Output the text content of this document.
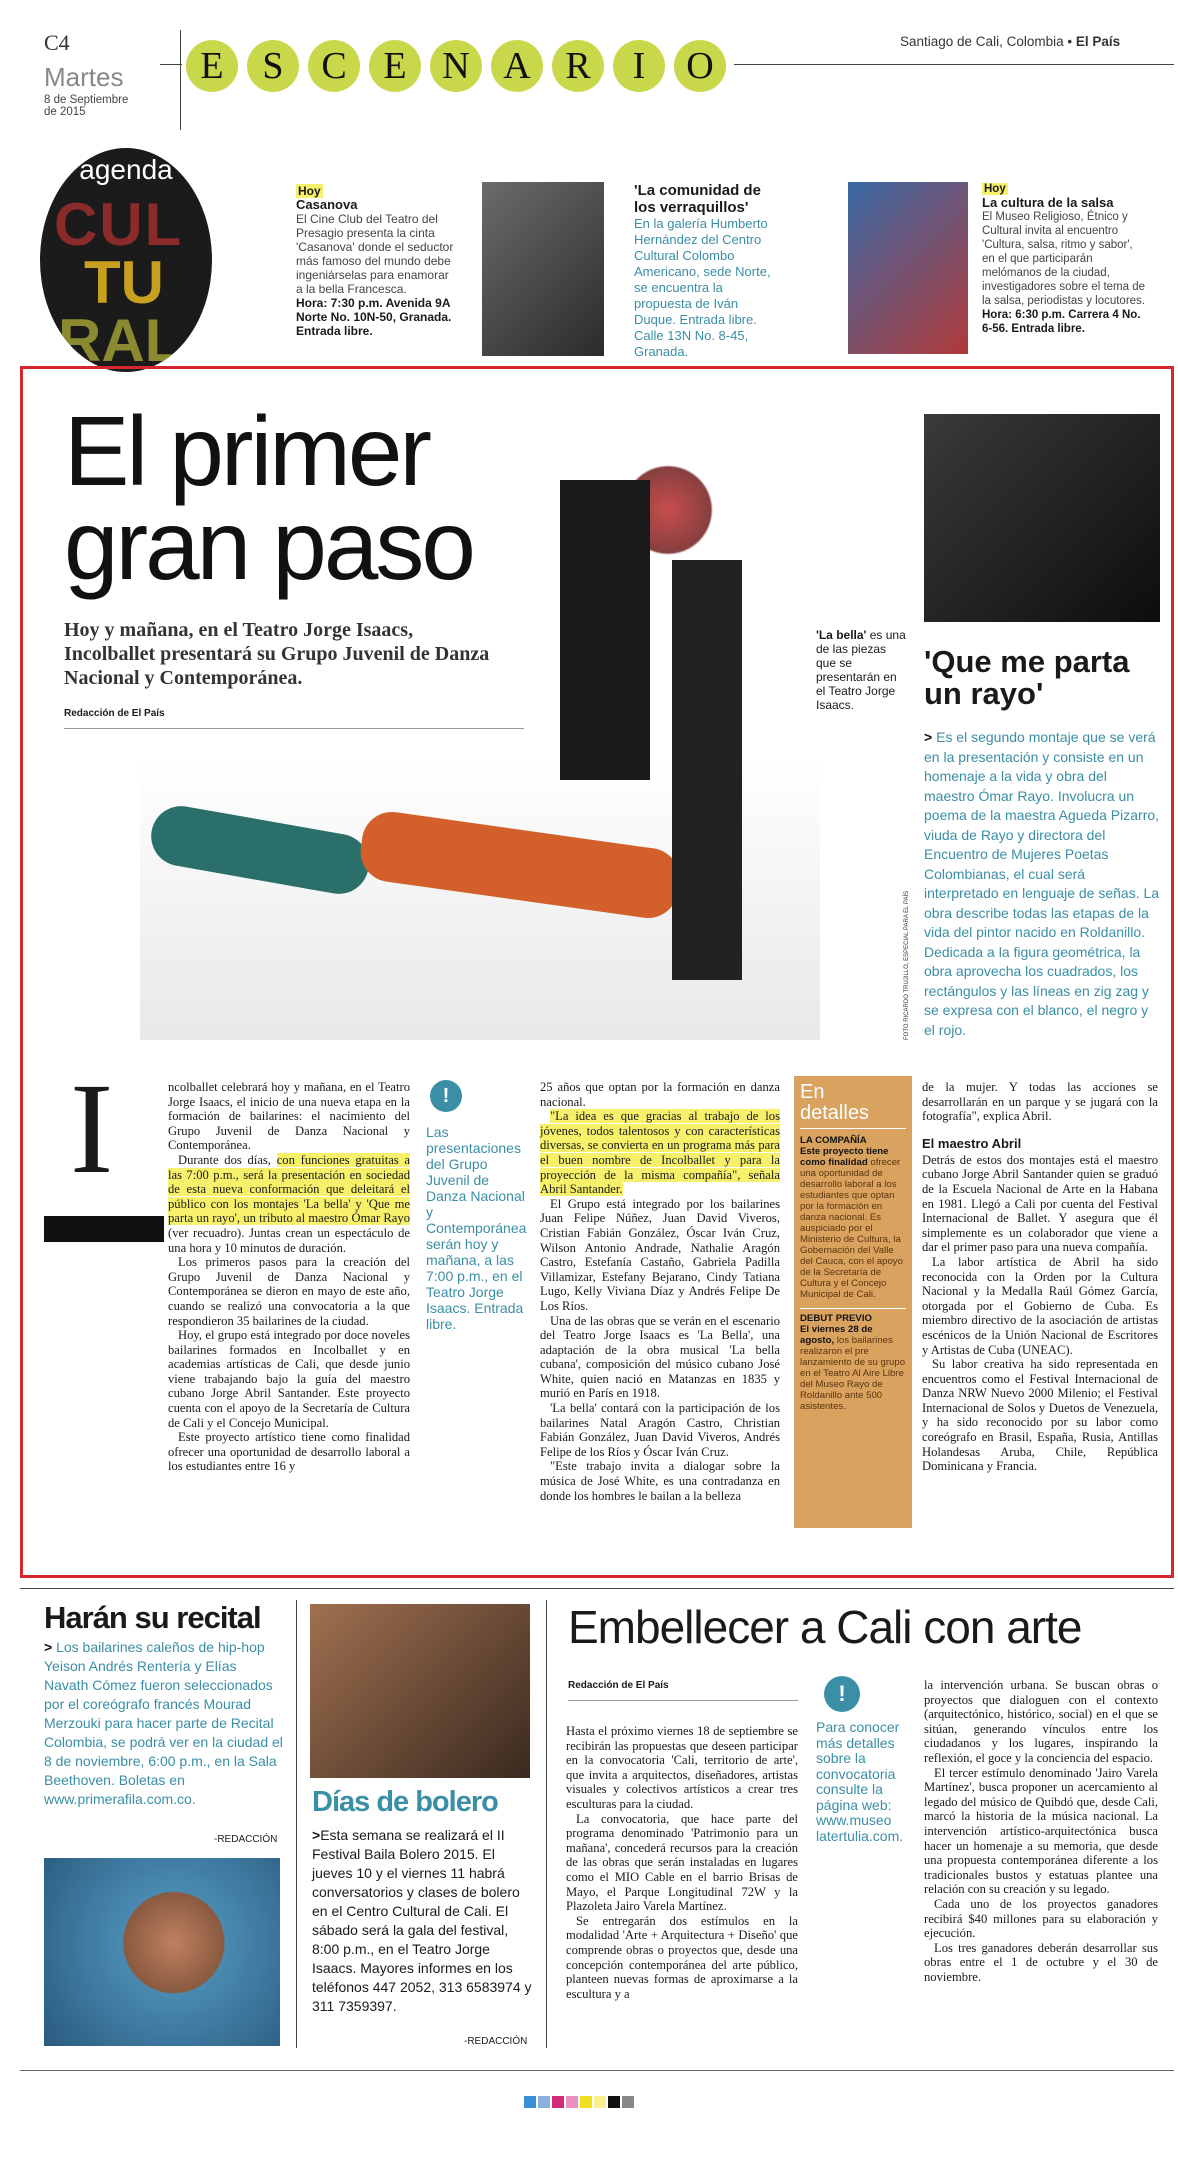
C4
Martes
8 de Septiembre de 2015
E	S C E N A R	I	O
Santiago de Cali, Colombia • El País
agenda
CUL
TU
RAL
Hoy
Casanova
El Cine Club del Teatro del Presagio presenta la cinta 'Casanova' donde el seductor más famoso del mundo debe ingeniárselas para enamorar a la bella Francesca.
Hora: 7:30 p.m. Avenida 9A Norte No. 10N-50, Granada. Entrada libre.
'La comunidad de los verraquillos'
En la galería Humberto Hernández del Centro Cultural Colombo Americano, sede Norte, se encuentra la propuesta de Iván Duque. Entrada libre. Calle 13N No. 8-45, Granada.
Hoy
La cultura de la salsa
El Museo Religioso, Étnico y Cultural invita al encuentro 'Cultura, salsa, ritmo y sabor', en el que participarán melómanos de la ciudad, investigadores sobre el tema de la salsa, periodistas y locutores.
Hora: 6:30 p.m. Carrera 4 No. 6-56. Entrada libre.
El primer
gran paso
Hoy y mañana, en el Teatro Jorge Isaacs, Incolballet presentará su Grupo Juvenil de Danza Nacional y Contemporánea.
Redacción de El País
'La bella' es una de las piezas que se presentarán en el Teatro Jorge Isaacs.
FOTO RICARDO TRUJILLO, ESPECIAL PARA EL PAÍS
'Que me parta
un rayo'
> Es el segundo montaje que se verá en la presentación y consiste en un homenaje a la vida y obra del maestro Ómar Rayo. Involucra un poema de la maestra Agueda Pizarro, viuda de Rayo y directora del Encuentro de Mujeres Poetas Colombianas, el cual será interpretado en lenguaje de señas. La obra describe todas las etapas de la vida del pintor nacido en Roldanillo. Dedicada a la figura geométrica, la obra aprovecha los cuadrados, los rectángulos y las líneas en zig zag y se expresa con el blanco, el negro y el rojo.
I	ncolballet celebrará hoy y mañana, en el Teatro Jorge Isaacs, el inicio de una nueva etapa en la formación de bailarines: el nacimiento del Grupo Juvenil de Danza Nacional y Contemporánea.

Durante dos días, con funciones gratuitas a las 7:00 p.m., será la presentación en sociedad de esta nueva conformación que deleitará el público con los montajes 'La bella' y 'Que me parta un rayo', un tributo al maestro Ómar Rayo (ver recuadro). Juntas crean un espectáculo de una hora y 10 minutos de duración.

Los primeros pasos para la creación del Grupo Juvenil de Danza Nacional y Contemporánea se dieron en mayo de este año, cuando se realizó una convocatoria a la que respondieron 35 bailarines de la ciudad.

Hoy, el grupo está integrado por doce noveles bailarines formados en Incolballet y en academias artísticas de Cali, que desde junio viene trabajando bajo la guía del maestro cubano Jorge Abril Santander. Este proyecto cuenta con el apoyo de la Secretaría de Cultura de Cali y el Concejo Municipal.

Este proyecto artístico tiene como finalidad ofrecer una oportunidad de desarrollo laboral a los estudiantes entre 16 y

!
Las presentaciones del Grupo Juvenil de Danza Nacional y Contemporánea serán hoy y mañana, a las 7:00 p.m., en el Teatro Jorge Isaacs. Entrada libre.

25 años que optan por la formación en danza nacional.

"La idea es que gracias al trabajo de los jóvenes, todos talentosos y con características diversas, se convierta en un programa más para el buen nombre de Incolballet y para la proyección de la misma compañía", señala Abril Santander.

El Grupo está integrado por los bailarines Juan Felipe Núñez, Juan David Viveros, Cristian Fabián González, Óscar Iván Cruz, Wilson Antonio Andrade, Nathalie Aragón Castro, Estefanía Castaño, Gabriela Padilla Villamizar, Estefany Bejarano, Cindy Tatiana Lugo, Kelly Viviana Díaz y Andrés Felipe De Los Ríos.

Una de las obras que se verán en el escenario del Teatro Jorge Isaacs es 'La Bella', una adaptación de la obra musical 'La bella cubana', composición del músico cubano José White, quien nació en Matanzas en 1835 y murió en París en 1918.

'La bella' contará con la participación de los bailarines Natal Aragón Castro, Christian Fabián González, Juan David Viveros, Andrés Felipe de los Ríos y Óscar Iván Cruz.

"Este trabajo invita a dialogar sobre la música de José White, es una contradanza en donde los hombres le bailan a la belleza

En
detalles
LA COMPAÑÍA
Este proyecto tiene como finalidad ofrecer una oportunidad de desarrollo laboral a los estudiantes que optan por la formación en danza nacional. Es auspiciado por el Ministerio de Cultura, la Gobernación del Valle del Cauca, con el apoyo de la Secretaría de Cultura y el Concejo Municipal de Cali.
DEBUT PREVIO
El viernes 28 de agosto, los bailarines realizaron el pre lanzamiento de su grupo en el Teatro Al Aire Libre del Museo Rayo de Roldanillo ante 500 asistentes.

de la mujer. Y todas las acciones se desarrollarán en un parque y se jugará con la fotografía", explica Abril.

El maestro Abril

Detrás de estos dos montajes está el maestro cubano Jorge Abril Santander quien se graduó de la Escuela Nacional de Arte en la Habana en 1981. Llegó a Cali por cuenta del Festival Internacional de Ballet. Y asegura que él simplemente es un colaborador que viene a dar el primer paso para una nueva compañía.

La labor artística de Abril ha sido reconocida con la Orden por la Cultura Nacional y la Medalla Raúl Gómez García, otorgada por el Gobierno de Cuba. Es miembro directivo de la asociación de artistas escénicos de la Unión Nacional de Escritores y Artistas de Cuba (UNEAC).

Su labor creativa ha sido representada en encuentros como el Festival Internacional de Danza NRW Nuevo 2000 Milenio; el Festival Internacional de Solos y Duetos de Venezuela, y ha sido reconocido por su labor como coreógrafo en Brasil, España, Rusia, Antillas Holandesas Aruba, Chile, República Dominicana y Francia.

Harán su recital
> Los bailarines caleños de hip-hop Yeison Andrés Rentería y Elías Navath Cómez fueron seleccionados por el coreógrafo francés Mourad Merzouki para hacer parte de Recital Colombia, se podrá ver en la ciudad el 8 de noviembre, 6:00 p.m., en la Sala Beethoven. Boletas en www.primerafila.com.co.
-REDACCIÓN
Días de bolero
>Esta semana se realizará el II Festival Baila Bolero 2015. El jueves 10 y el viernes 11 habrá conversatorios y clases de bolero en el Centro Cultural de Cali. El sábado será la gala del festival, 8:00 p.m., en el Teatro Jorge Isaacs. Mayores informes en los teléfonos 447 2052, 313 6583974 y 311 7359397.
-REDACCIÓN
Embellecer a Cali con arte
Redacción de El País

Hasta el próximo viernes 18 de septiembre se recibirán las propuestas que deseen participar en la convocatoria 'Cali, territorio de arte', que invita a arquitectos, diseñadores, artistas visuales y colectivos artísticos a crear tres esculturas para la ciudad.

La convocatoria, que hace parte del programa denominado 'Patrimonio para un mañana', concederá recursos para la creación de las obras que serán instaladas en lugares como el MIO Cable en el barrio Brisas de Mayo, el Parque Longitudinal 72W y la Plazoleta Jairo Varela Martínez.

Se entregarán dos estímulos en la modalidad 'Arte + Arquitectura + Diseño' que comprende obras o proyectos que, desde una concepción contemporánea del arte público, planteen nuevas formas de aproximarse a la escultura y a

!
Para conocer más detalles sobre la convocatoria consulte la página web: www.museo latertulia.com.

la intervención urbana. Se buscan obras o proyectos que dialoguen con el contexto (arquitectónico, histórico, social) en el que se sitúan, generando vínculos entre los ciudadanos y los lugares, inspirando la reflexión, el goce y la conciencia del espacio.

El tercer estímulo denominado 'Jairo Varela Martínez', busca proponer un acercamiento al legado del músico de Quibdó que, desde Cali, marcó la historia de la música nacional. La intervención artístico-arquitectónica busca hacer un homenaje a su memoria, que desde una propuesta contemporánea diferente a los tradicionales bustos y estatuas plantee una relación con su creación y su legado.

Cada uno de los proyectos ganadores recibirá $40 millones para su elaboración y ejecución.

Los tres ganadores deberán desarrollar sus obras entre el 1 de octubre y el 30 de noviembre.
